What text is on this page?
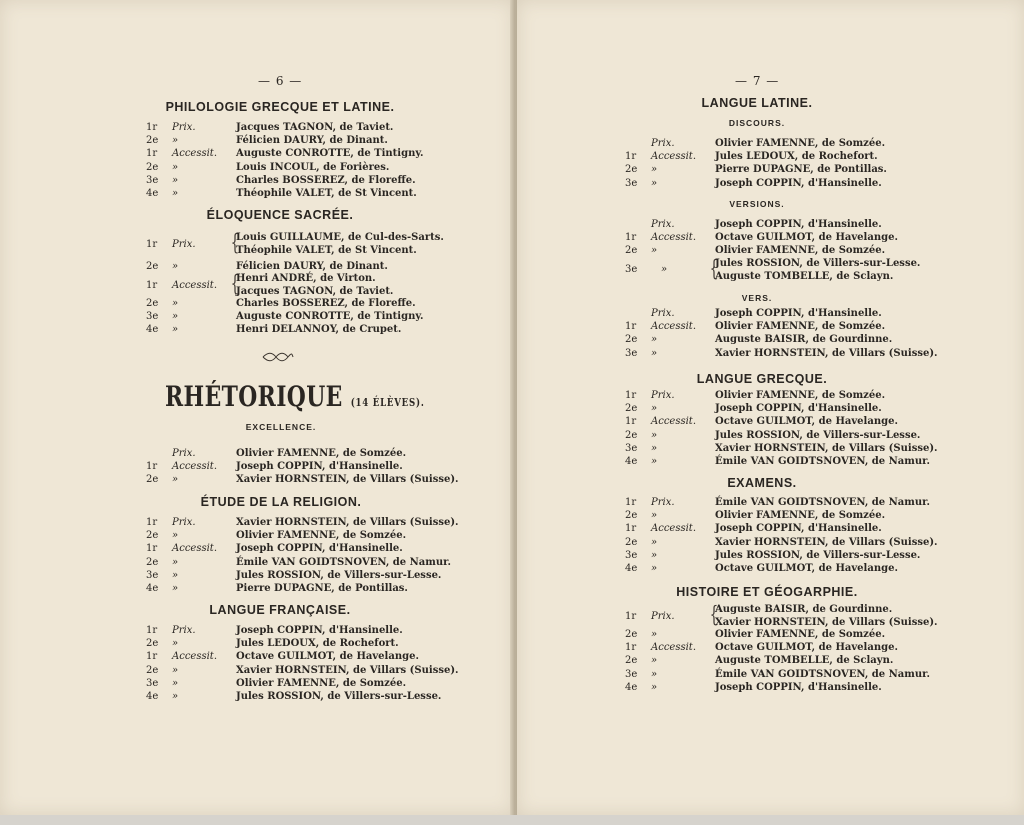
— 6 —
PHILOLOGIE GRECQUE ET LATINE.
1r	Prix.	Jacques TAGNON, de Taviet.
2e	»	Félicien DAURY, de Dinant.
1r	Accessit.	Auguste CONROTTE, de Tintigny.
2e	»	Louis INCOUL, de Forières.
3e	»	Charles BOSSEREZ, de Floreffe.
4e	»	Théophile VALET, de St Vincent.
ÉLOQUENCE SACRÉE.
1r Prix. {
Louis GUILLAUME, de Cul-des-Sarts.
Théophile VALET, de St Vincent.
2e	»	Félicien DAURY, de Dinant.
1r Accessit. {
Henri ANDRÉ, de Virton.
Jacques TAGNON, de Taviet.
2e	»	Charles BOSSEREZ, de Floreffe.
3e	»	Auguste CONROTTE, de Tintigny.
4e	»	Henri DELANNOY, de Crupet.
RHÉTORIQUE (14 ÉLÈVES).
EXCELLENCE.
Prix.	Olivier FAMENNE, de Somzée.
1r	Accessit.	Joseph COPPIN, d'Hansinelle.
2e	»	Xavier HORNSTEIN, de Villars (Suisse).
ÉTUDE DE LA RELIGION.
1r	Prix.	Xavier HORNSTEIN, de Villars (Suisse).
2e	»	Olivier FAMENNE, de Somzée.
1r	Accessit.	Joseph COPPIN, d'Hansinelle.
2e	»	Émile VAN GOIDTSNOVEN, de Namur.
3e	»	Jules ROSSION, de Villers-sur-Lesse.
4e	»	Pierre DUPAGNE, de Pontillas.
LANGUE FRANÇAISE.
1r	Prix.	Joseph COPPIN, d'Hansinelle.
2e	»	Jules LEDOUX, de Rochefort.
1r	Accessit.	Octave GUILMOT, de Havelange.
2e	»	Xavier HORNSTEIN, de Villars (Suisse).
3e	»	Olivier FAMENNE, de Somzée.
4e	»	Jules ROSSION, de Villers-sur-Lesse.
— 7 —
LANGUE LATINE.
DISCOURS.
Prix.	Olivier FAMENNE, de Somzée.
1r	Accessit.	Jules LEDOUX, de Rochefort.
2e	»	Pierre DUPAGNE, de Pontillas.
3e	»	Joseph COPPIN, d'Hansinelle.
VERSIONS.
Prix.	Joseph COPPIN, d'Hansinelle.
1r	Accessit.	Octave GUILMOT, de Havelange.
2e	»	Olivier FAMENNE, de Somzée.
3e » {
Jules ROSSION, de Villers-sur-Lesse.
Auguste TOMBELLE, de Sclayn.
VERS.
Prix.	Joseph COPPIN, d'Hansinelle.
1r	Accessit.	Olivier FAMENNE, de Somzée.
2e	»	Auguste BAISIR, de Gourdinne.
3e	»	Xavier HORNSTEIN, de Villars (Suisse).
LANGUE GRECQUE.
1r	Prix.	Olivier FAMENNE, de Somzée.
2e	»	Joseph COPPIN, d'Hansinelle.
1r	Accessit.	Octave GUILMOT, de Havelange.
2e	»	Jules ROSSION, de Villers-sur-Lesse.
3e	»	Xavier HORNSTEIN, de Villars (Suisse).
4e	»	Émile VAN GOIDTSNOVEN, de Namur.
EXAMENS.
1r	Prix.	Émile VAN GOIDTSNOVEN, de Namur.
2e	»	Olivier FAMENNE, de Somzée.
1r	Accessit.	Joseph COPPIN, d'Hansinelle.
2e	»	Xavier HORNSTEIN, de Villars (Suisse).
3e	»	Jules ROSSION, de Villers-sur-Lesse.
4e	»	Octave GUILMOT, de Havelange.
HISTOIRE ET GÉOGARPHIE.
1r Prix. {
Auguste BAISIR, de Gourdinne.
Xavier HORNSTEIN, de Villars (Suisse).
2e	»	Olivier FAMENNE, de Somzée.
1r	Accessit.	Octave GUILMOT, de Havelange.
2e	»	Auguste TOMBELLE, de Sclayn.
3e	»	Émile VAN GOIDTSNOVEN, de Namur.
4e	»	Joseph COPPIN, d'Hansinelle.
